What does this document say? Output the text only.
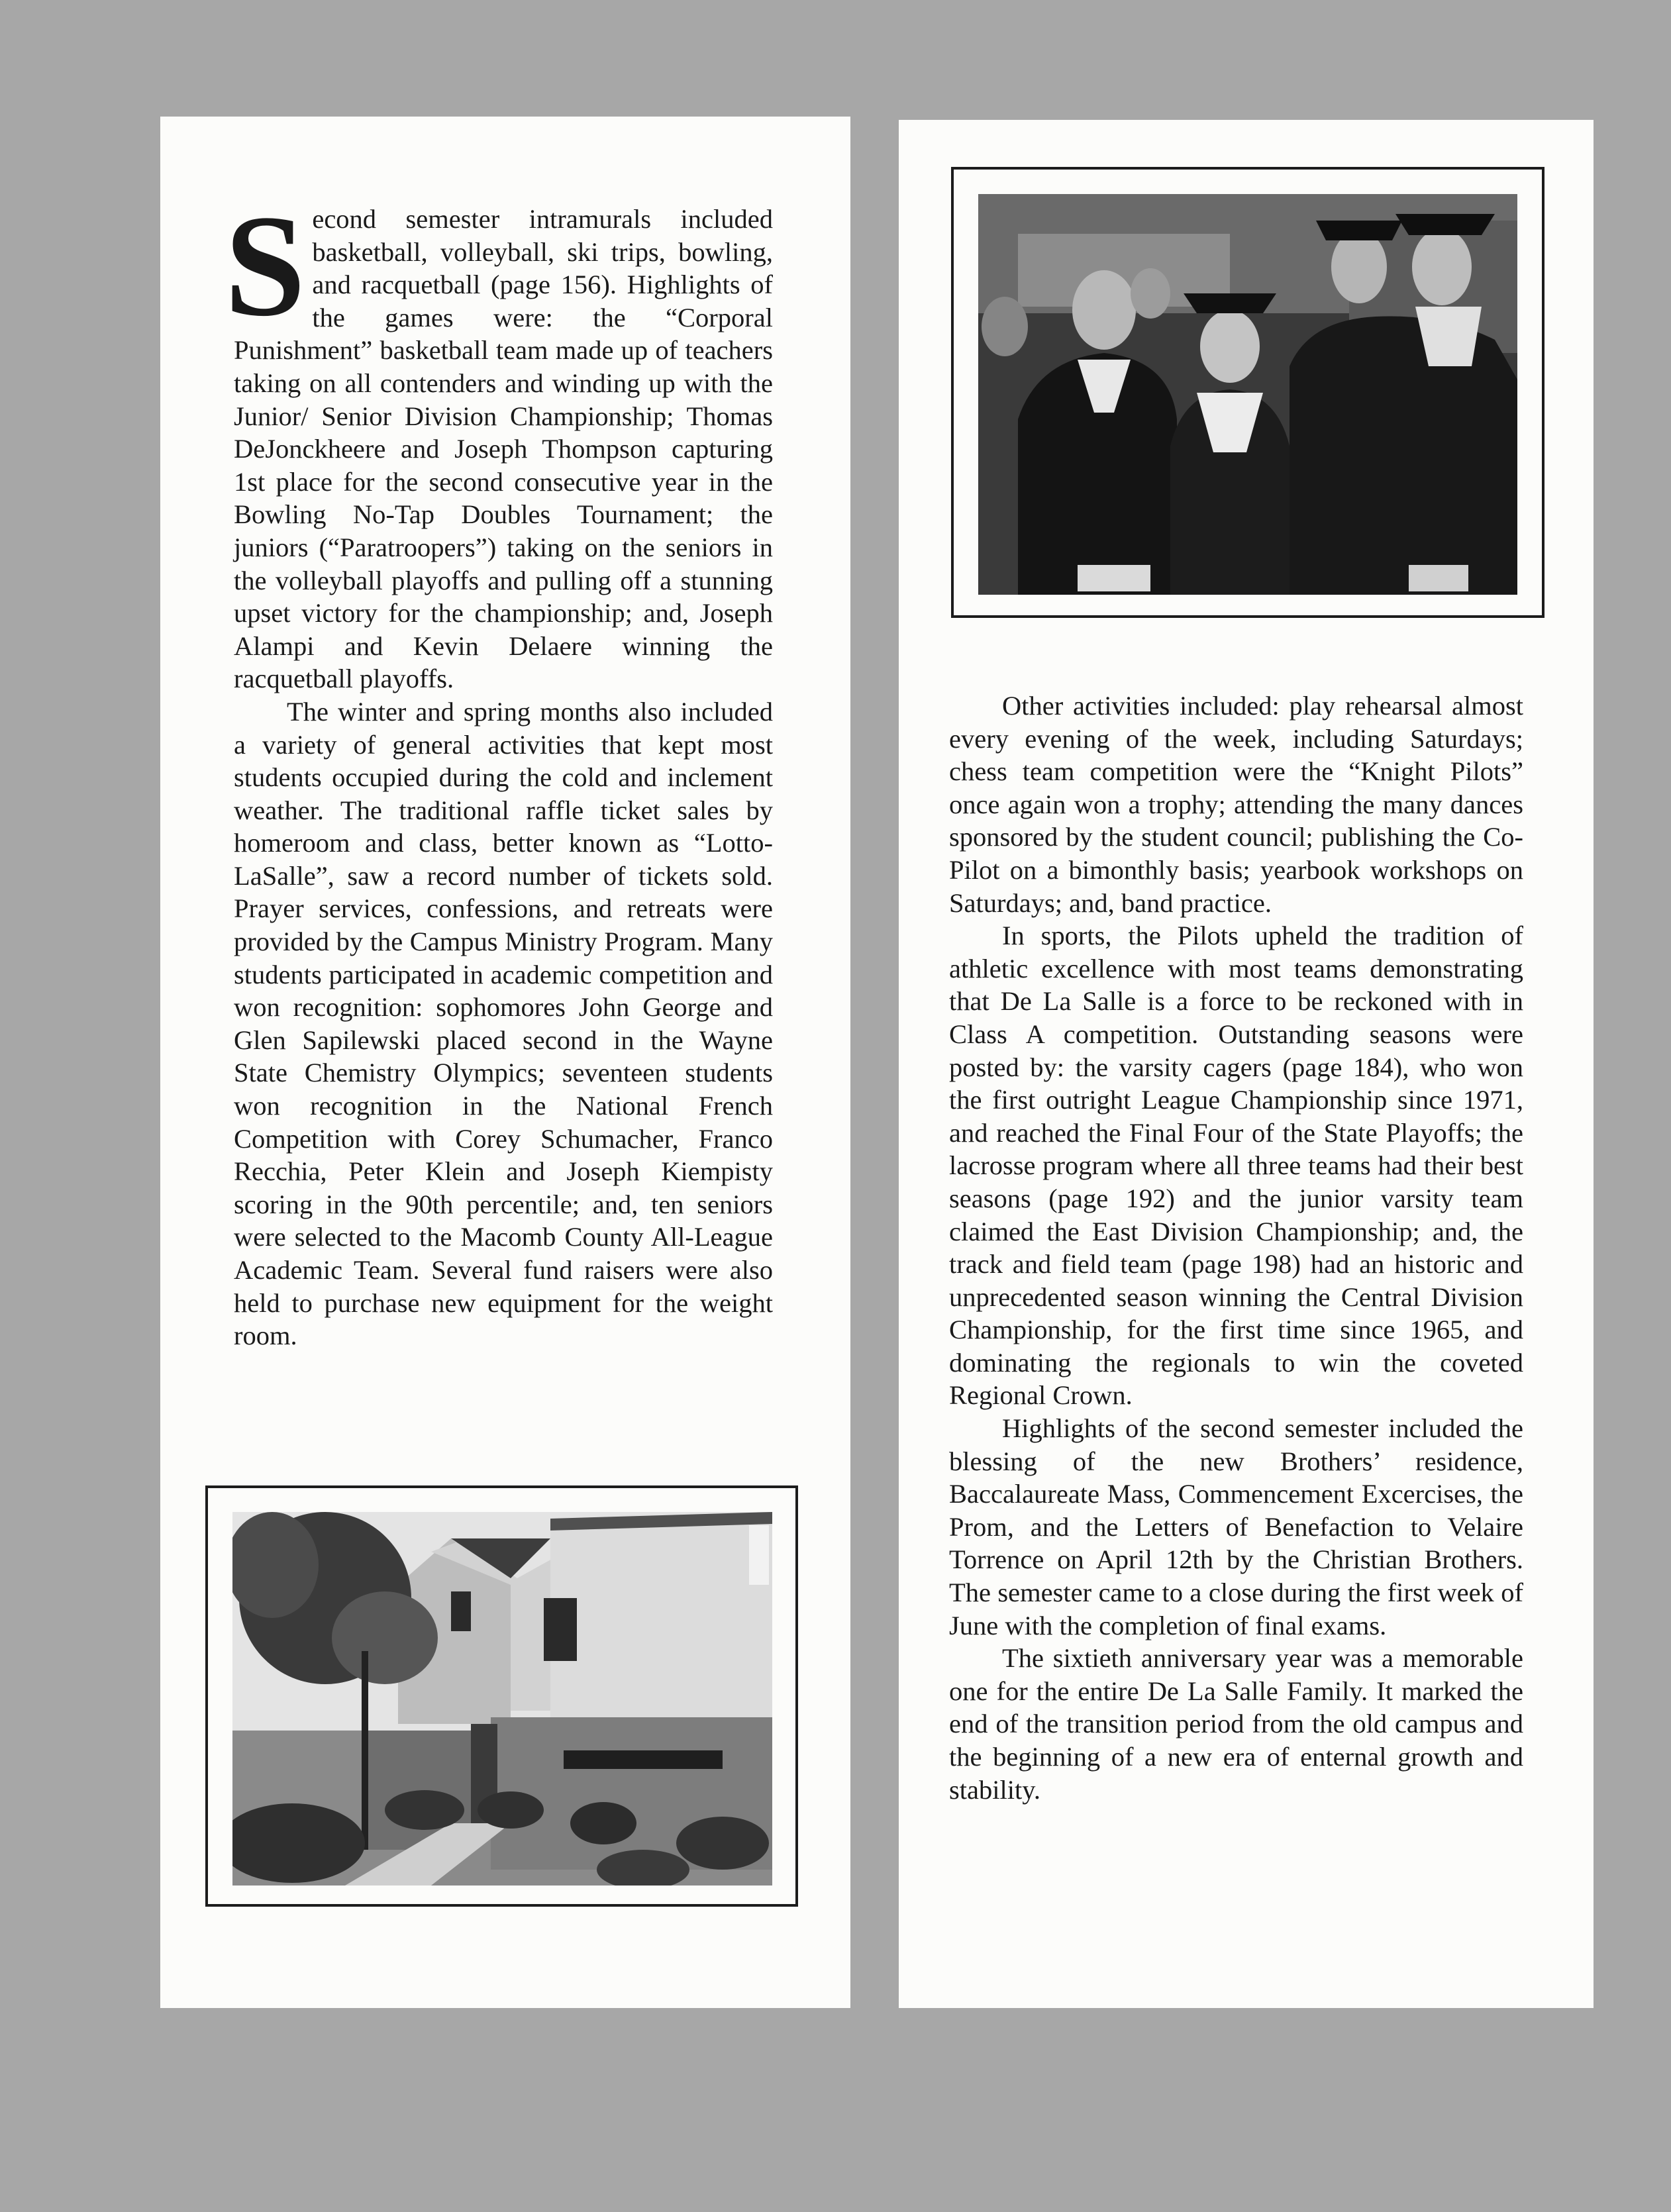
Second semester intramurals included basketball, volleyball, ski trips, bowling, and racquetball (page 156). Highlights of the games were: the “Corporal Punishment” basketball team made up of teachers taking on all contenders and winding up with the Junior/ Senior Division Championship; Thomas DeJonckheere and Joseph Thompson capturing 1st place for the second consecutive year in the Bowling No-Tap Doubles Tournament; the juniors (“Paratroopers”) taking on the seniors in the volleyball playoffs and pulling off a stunning upset victory for the championship; and, Joseph Alampi and Kevin Delaere winning the racquetball playoffs.

The winter and spring months also included a variety of general activities that kept most students occupied during the cold and inclement weather. The traditional raffle ticket sales by homeroom and class, better known as “Lotto-LaSalle”, saw a record number of tickets sold. Prayer services, confessions, and retreats were provided by the Campus Ministry Program. Many students participated in academic competition and won recognition: sophomores John George and Glen Sapilewski placed second in the Wayne State Chemistry Olympics; seventeen students won recognition in the National French Competition with Corey Schumacher, Franco Recchia, Peter Klein and Joseph Kiempisty scoring in the 90th percentile; and, ten seniors were selected to the Macomb County All-League Academic Team. Several fund raisers were also held to purchase new equipment for the weight room.

Other activities included: play rehearsal almost every evening of the week, including Saturdays; chess team competition were the “Knight Pilots” once again won a trophy; attending the many dances sponsored by the student council; publishing the Co-Pilot on a bimonthly basis; yearbook workshops on Saturdays; and, band practice.

In sports, the Pilots upheld the tradition of athletic excellence with most teams demonstrating that De La Salle is a force to be reckoned with in Class A competition. Outstanding seasons were posted by: the varsity cagers (page 184), who won the first outright League Championship since 1971, and reached the Final Four of the State Playoffs; the lacrosse program where all three teams had their best seasons (page 192) and the junior varsity team claimed the East Division Championship; and, the track and field team (page 198) had an historic and unprecedented season winning the Central Division Championship, for the first time since 1965, and dominating the regionals to win the coveted Regional Crown.

Highlights of the second semester included the blessing of the new Brothers’ residence, Baccalaureate Mass, Commencement Excercises, the Prom, and the Letters of Benefaction to Velaire Torrence on April 12th by the Christian Brothers. The semester came to a close during the first week of June with the completion of final exams.

The sixtieth anniversary year was a memorable one for the entire De La Salle Family. It marked the end of the transition period from the old campus and the beginning of a new era of enternal growth and stability.
